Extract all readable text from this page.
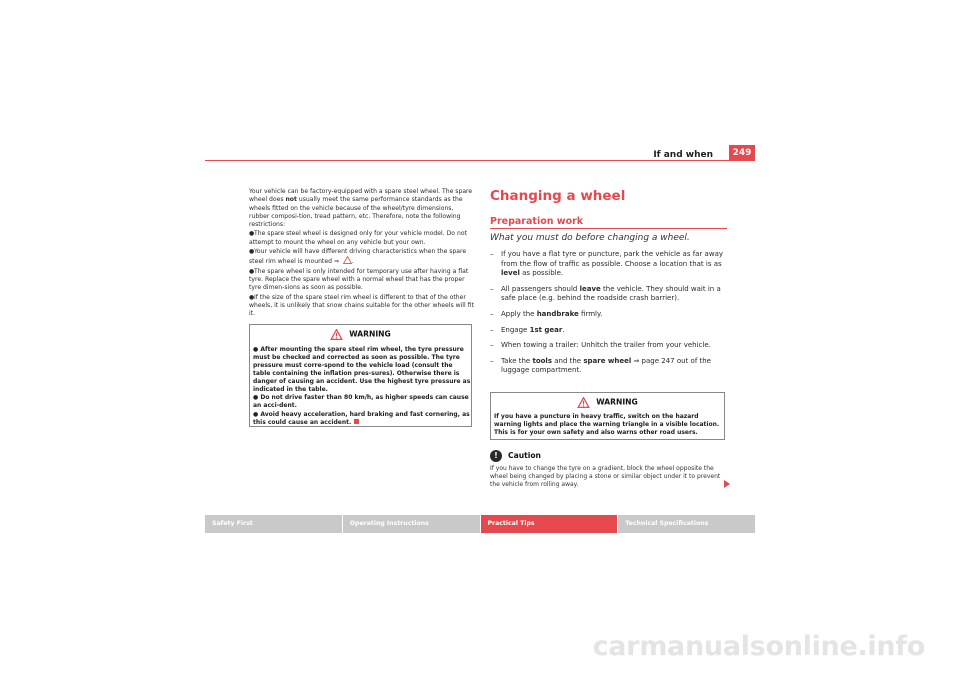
If and when	249

Your vehicle can be factory-equipped with a spare steel wheel. The spare wheel does not usually meet the same performance standards as the wheels fitted on the vehicle because of the wheel/tyre dimensions, rubber composi-tion, tread pattern, etc. Therefore, note the following restrictions:

●The spare steel wheel is designed only for your vehicle model. Do not attempt to mount the wheel on any vehicle but your own.

●Your vehicle will have different driving characteristics when the spare steel rim wheel is mounted ⇒ .

●The spare wheel is only intended for temporary use after having a flat tyre. Replace the spare wheel with a normal wheel that has the proper tyre dimen-sions as soon as possible.

●If the size of the spare steel rim wheel is different to that of the other wheels, it is unlikely that snow chains suitable for the other wheels will fit it.

WARNING

● After mounting the spare steel rim wheel, the tyre pressure must be checked and corrected as soon as possible. The tyre pressure must corre-spond to the vehicle load (consult the table containing the inflation pres-sures). Otherwise there is danger of causing an accident. Use the highest tyre pressure as indicated in the table.

● Do not drive faster than 80 km/h, as higher speeds can cause an acci-dent.

● Avoid heavy acceleration, hard braking and fast cornering, as this could cause an accident.

Changing a wheel
Preparation work
What you must do before changing a wheel.
– If you have a flat tyre or puncture, park the vehicle as far away from the flow of traffic as possible. Choose a location that is as level as possible.
– All passengers should leave the vehicle. They should wait in a safe place (e.g. behind the roadside crash barrier).
– Apply the handbrake firmly.
– Engage 1st gear.
– When towing a trailer: Unhitch the trailer from your vehicle.
– Take the tools and the spare wheel ⇒ page 247 out of the luggage compartment.
WARNING
If you have a puncture in heavy traffic, switch on the hazard warning lights and place the warning triangle in a visible location. This is for your own safety and also warns other road users.
! Caution
If you have to change the tyre on a gradient, block the wheel opposite the wheel being changed by placing a stone or similar object under it to prevent the vehicle from rolling away.
Safety First	Operating Instructions	Practical Tips	Technical Specifications
carmanualsonline.info
